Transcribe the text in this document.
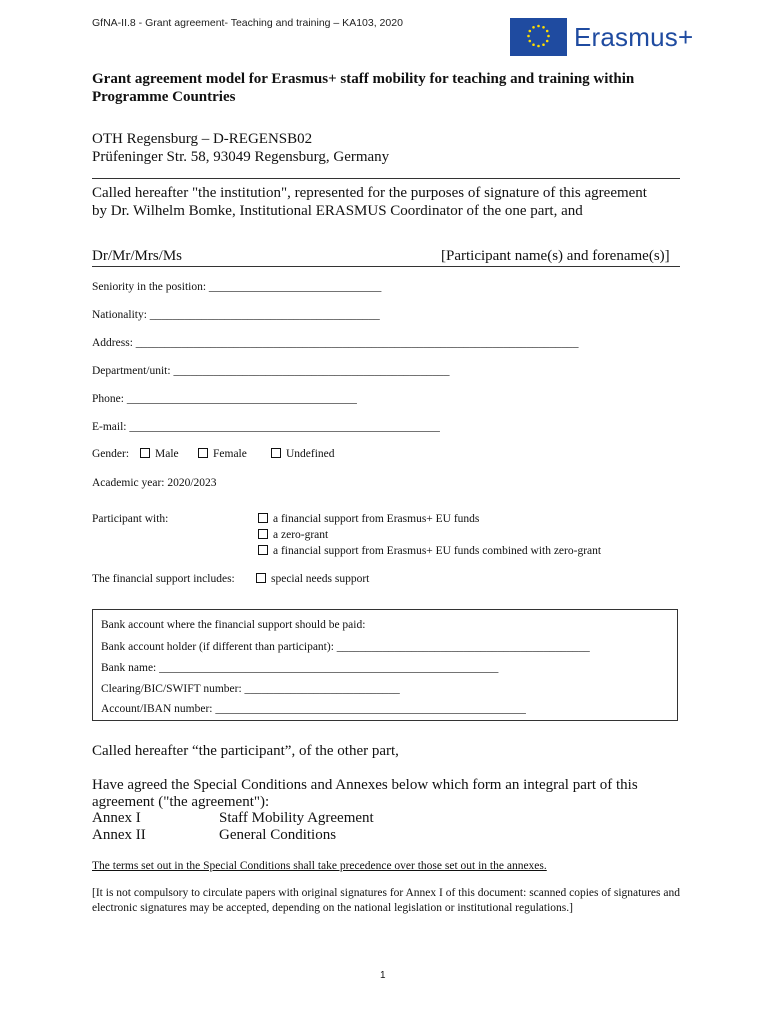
GfNA-II.8 - Grant agreement- Teaching and training – KA103, 2020	Erasmus+
Grant agreement model for Erasmus+ staff mobility for teaching and training within Programme Countries
OTH Regensburg – D-REGENSB02
Prüfeninger Str. 58, 93049 Regensburg, Germany
Called hereafter "the institution", represented for the purposes of signature of this agreement
by Dr. Wilhelm Bomke, Institutional ERASMUS Coordinator of the one part, and
Dr/Mr/Mrs/Ms	[Participant name(s) and forename(s)]
Seniority in the position: ______________________________
Nationality: ________________________________________
Address: _____________________________________________________________________________
Department/unit: ________________________________________________
Phone: ________________________________________
E-mail: ______________________________________________________
Gender:	Male	Female	Undefined
Academic year: 2020/2023
Participant with:	a financial support from Erasmus+ EU funds
a zero-grant
a financial support from Erasmus+ EU funds combined with zero-grant
The financial support includes:	special needs support
Bank account where the financial support should be paid:
Bank account holder (if different than participant): ____________________________________________
Bank name: ___________________________________________________________
Clearing/BIC/SWIFT number: ___________________________
Account/IBAN number: ______________________________________________________
Called hereafter “the participant”, of the other part,
Have agreed the Special Conditions and Annexes below which form an integral part of this
agreement ("the agreement"):
Annex I	Staff Mobility Agreement
Annex II	General Conditions
The terms set out in the Special Conditions shall take precedence over those set out in the annexes.
[It is not compulsory to circulate papers with original signatures for Annex I of this document: scanned copies of signatures and electronic signatures may be accepted, depending on the national legislation or institutional regulations.]
1
